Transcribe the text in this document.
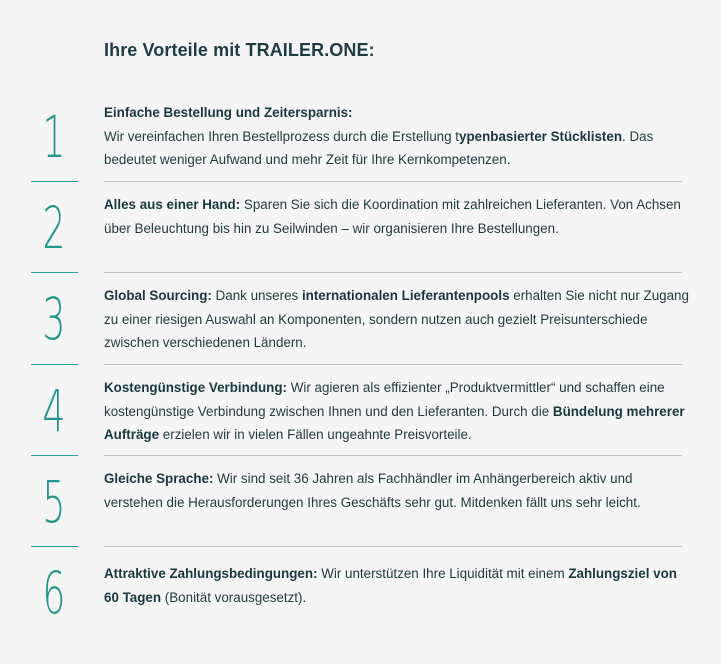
Ihre Vorteile mit TRAILER.ONE:
1	Einfache Bestellung und Zeitersparnis:
Wir vereinfachen Ihren Bestellprozess durch die Erstellung typenbasierter Stücklisten. Das bedeutet weniger Aufwand und mehr Zeit für Ihre Kernkompetenzen.
2	Alles aus einer Hand: Sparen Sie sich die Koordination mit zahlreichen Lieferanten. Von Achsen über Beleuchtung bis hin zu Seilwinden – wir organisieren Ihre Bestellungen.
3	Global Sourcing: Dank unseres internationalen Lieferantenpools erhalten Sie nicht nur Zugang zu einer riesigen Auswahl an Komponenten, sondern nutzen auch gezielt Preisunterschiede zwischen verschiedenen Ländern.
4	Kostengünstige Verbindung: Wir agieren als effizienter „Produktvermittler“ und schaffen eine kostengünstige Verbindung zwischen Ihnen und den Lieferanten. Durch die Bündelung mehrerer Aufträge erzielen wir in vielen Fällen ungeahnte Preisvorteile.
5	Gleiche Sprache: Wir sind seit 36 Jahren als Fachhändler im Anhängerbereich aktiv und verstehen die Herausforderungen Ihres Geschäfts sehr gut. Mitdenken fällt uns sehr leicht.
6	Attraktive Zahlungsbedingungen: Wir unterstützen Ihre Liquidität mit einem Zahlungsziel von 60 Tagen (Bonität vorausgesetzt).
